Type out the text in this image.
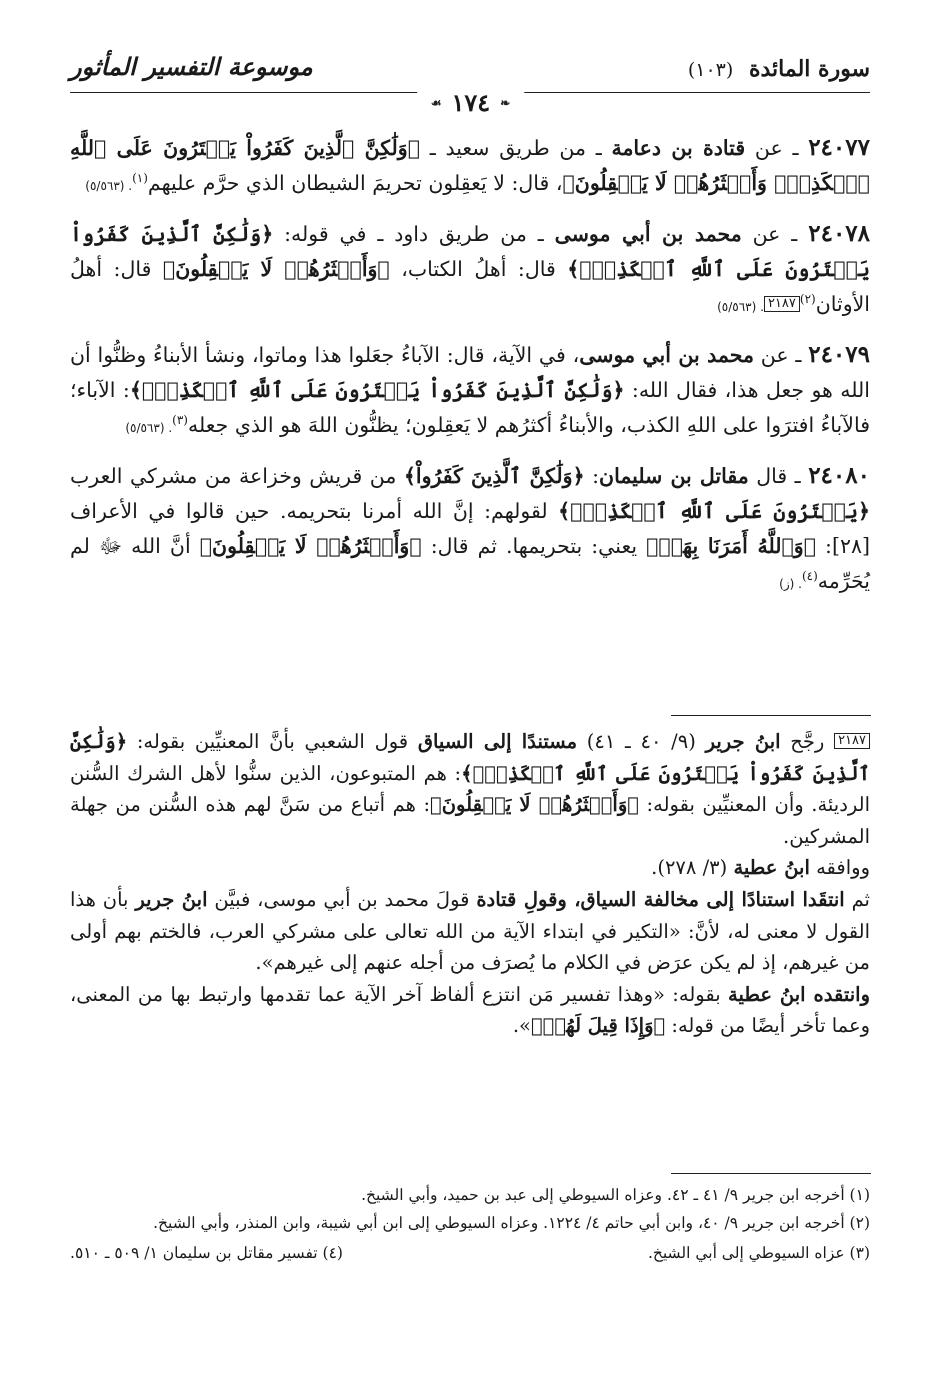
سورة المائدة (١٠٣)
موسوعة التفسير المأثور
❧
١٧٤
☙

٢٤٠٧٧ ـ عن قتادة بن دعامة ـ من طريق سعيد ـ ﴿وَلَٰكِنَّ ٱلَّذِينَ كَفَرُواْ يَفۡتَرُونَ عَلَى ٱللَّهِ ٱلۡكَذِبَۖ وَأَكۡثَرُهُمۡ لَا يَعۡقِلُونَ﴾، قال: لا يَعقِلون تحريمَ الشيطان الذي حرَّم عليهم$^{(١)}$. (٥/٥٦٣)

٢٤٠٧٨ ـ عن محمد بن أبي موسى ـ من طريق داود ـ في قوله: ﴿وَلَٰكِنَّ ٱلَّذِينَ كَفَرُواْ يَفۡتَرُونَ عَلَى ٱللَّهِ ٱلۡكَذِبَۖ﴾ قال: أهلُ الكتاب، ﴿وَأَكۡثَرُهُمۡ لَا يَعۡقِلُونَ﴾ قال: أهلُ الأوثان$^{(٢)}$٢١٨٧. (٥/٥٦٣)

٢٤٠٧٩ ـ عن محمد بن أبي موسى، في الآية، قال: الآباءُ جعَلوا هذا وماتوا، ونشأ الأبناءُ وظنُّوا أن الله هو جعل هذا، فقال الله: ﴿وَلَٰكِنَّ ٱلَّذِينَ كَفَرُواْ يَفۡتَرُونَ عَلَى ٱللَّهِ ٱلۡكَذِبَۖ﴾: الآباء؛ فالآباءُ افترَوا على اللهِ الكذب، والأبناءُ أكثرُهم لا يَعقِلون؛ يظنُّون اللهَ هو الذي جعله$^{(٣)}$. (٥/٥٦٣)

٢٤٠٨٠ ـ قال مقاتل بن سليمان: ﴿وَلَٰكِنَّ ٱلَّذِينَ كَفَرُواْ﴾ من قريش وخزاعة من مشركي العرب ﴿يَفۡتَرُونَ عَلَى ٱللَّهِ ٱلۡكَذِبَۖ﴾ لقولهم: إنَّ الله أمرنا بتحريمه. حين قالوا في الأعراف [٢٨]: ﴿وَٱللَّهُ أَمَرَنَا بِهَاۗ﴾ يعني: بتحريمها. ثم قال: ﴿وَأَكۡثَرُهُمۡ لَا يَعۡقِلُونَ﴾ أنَّ الله ﷻ لم يُحَرِّمه$^{(٤)}$. (ز)

٢١٨٧ رجَّح ابنُ جرير (٩/ ٤٠ ـ ٤١) مستندًا إلى السياق قول الشعبي بأنَّ المعنيِّين بقوله: ﴿وَلَٰكِنَّ ٱلَّذِينَ كَفَرُواْ يَفۡتَرُونَ عَلَى ٱللَّهِ ٱلۡكَذِبَۖ﴾: هم المتبوعون، الذين سنُّوا لأهل الشرك السُّنن الرديئة. وأن المعنيِّين بقوله: ﴿وَأَكۡثَرُهُمۡ لَا يَعۡقِلُونَ﴾: هم أتباع من سَنَّ لهم هذه السُّنن من جهلة المشركين.

ووافقه ابنُ عطية (٣/ ٢٧٨).

ثم انتقَدا استنادًا إلى مخالفة السياق، وقولِ قتادة قولَ محمد بن أبي موسى، فبيَّن ابنُ جرير بأن هذا القول لا معنى له، لأنَّ: «التكير في ابتداء الآية من الله تعالى على مشركي العرب، فالختم بهم أولى من غيرهم، إذ لم يكن عرَض في الكلام ما يُصرَف من أجله عنهم إلى غيرهم».

وانتقده ابنُ عطية بقوله: «وهذا تفسير مَن انتزع ألفاظ آخر الآية عما تقدمها وارتبط بها من المعنى، وعما تأخر أيضًا من قوله: ﴿وَإِذَا قِيلَ لَهُمۡ﴾».

(١) أخرجه ابن جرير ٩/ ٤١ ـ ٤٢. وعزاه السيوطي إلى عبد بن حميد، وأبي الشيخ.

(٢) أخرجه ابن جرير ٩/ ٤٠، وابن أبي حاتم ٤/ ١٢٢٤. وعزاه السيوطي إلى ابن أبي شيبة، وابن المنذر، وأبي الشيخ.

(٣) عزاه السيوطي إلى أبي الشيخ.
(٤) تفسير مقاتل بن سليمان ١/ ٥٠٩ ـ ٥١٠.
